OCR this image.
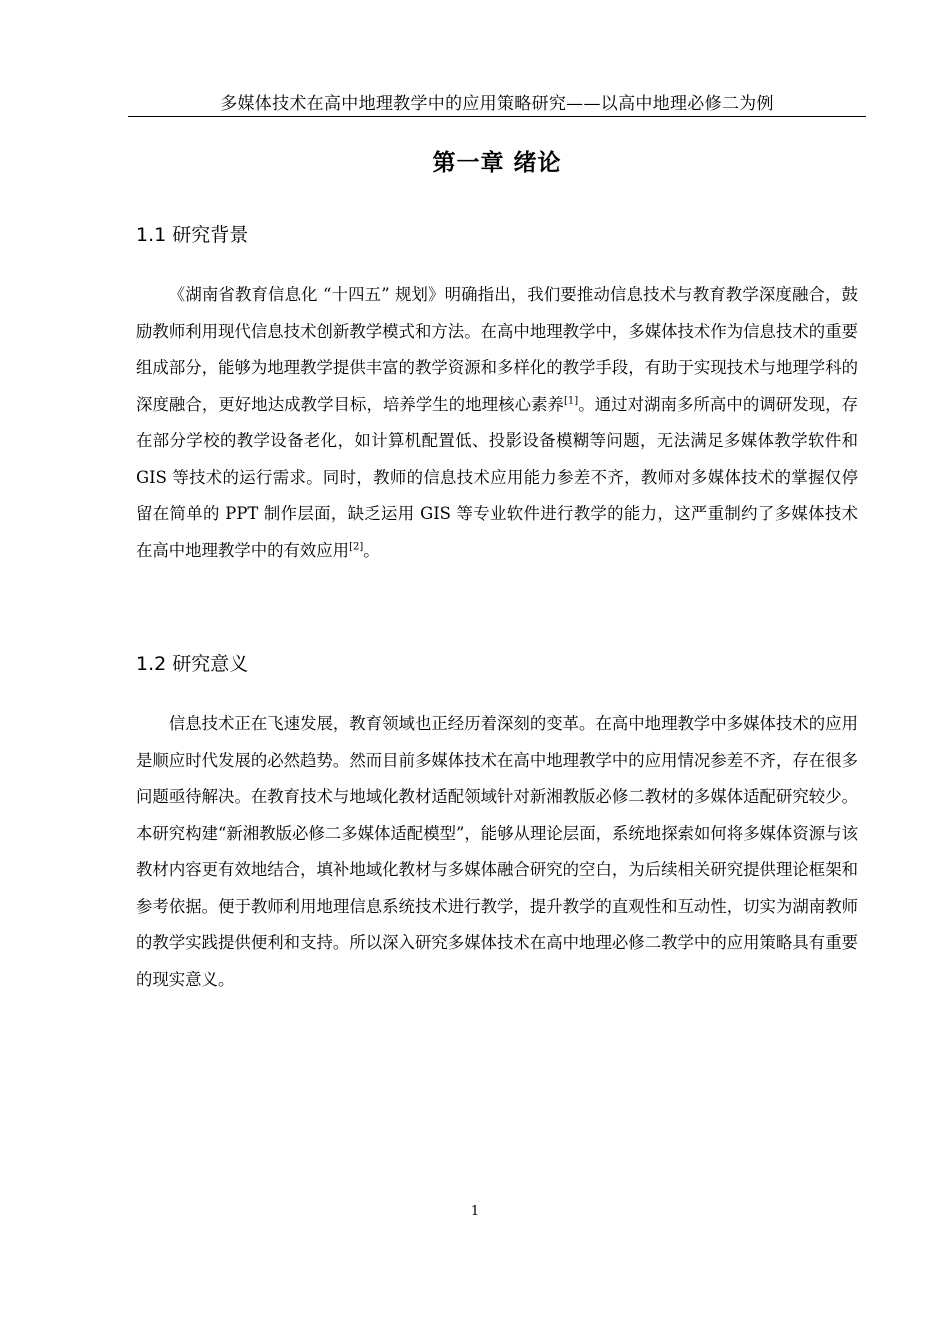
多媒体技术在高中地理教学中的应用策略研究——以高中地理必修二为例
第一章 绪论
1.1 研究背景

《湖南省教育信息化 “十四五” 规划》明确指出，我们要推动信息技术与教育教学深度融合，鼓励教师利用现代信息技术创新教学模式和方法。在高中地理教学中，多媒体技术作为信息技术的重要组成部分，能够为地理教学提供丰富的教学资源和多样化的教学手段，有助于实现技术与地理学科的深度融合，更好地达成教学目标，培养学生的地理核心素养[1]。通过对湖南多所高中的调研发现，存在部分学校的教学设备老化，如计算机配置低、投影设备模糊等问题，无法满足多媒体教学软件和 GIS 等技术的运行需求。同时，教师的信息技术应用能力参差不齐，教师对多媒体技术的掌握仅停留在简单的 PPT 制作层面，缺乏运用 GIS 等专业软件进行教学的能力，这严重制约了多媒体技术在高中地理教学中的有效应用[2]。

1.2 研究意义

信息技术正在飞速发展，教育领域也正经历着深刻的变革。在高中地理教学中多媒体技术的应用是顺应时代发展的必然趋势。然而目前多媒体技术在高中地理教学中的应用情况参差不齐，存在很多问题亟待解决。在教育技术与地域化教材适配领域针对新湘教版必修二教材的多媒体适配研究较少。本研究构建“新湘教版必修二多媒体适配模型”，能够从理论层面，系统地探索如何将多媒体资源与该教材内容更有效地结合，填补地域化教材与多媒体融合研究的空白，为后续相关研究提供理论框架和参考依据。便于教师利用地理信息系统技术进行教学，提升教学的直观性和互动性，切实为湖南教师的教学实践提供便利和支持。所以深入研究多媒体技术在高中地理必修二教学中的应用策略具有重要的现实意义。

1
